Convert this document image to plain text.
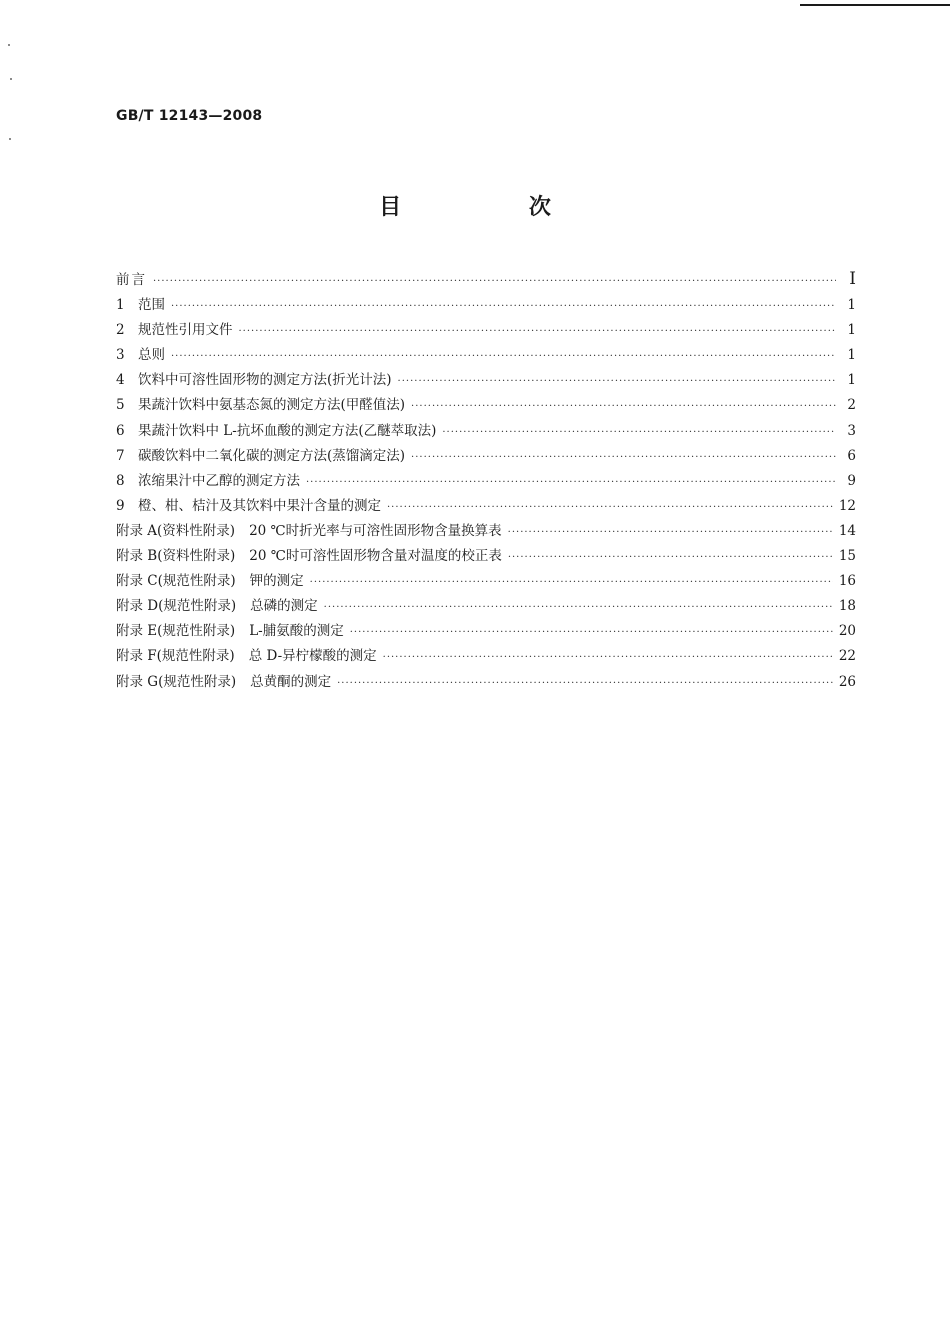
GB/T 12143—2008
目 次
前言 ·····	I
1 范围 ·····	1
2 规范性引用文件 ·····	1
3 总则 ·····	1
4 饮料中可溶性固形物的测定方法(折光计法) ·····	1
5 果蔬汁饮料中氨基态氮的测定方法(甲醛值法) ·····	2
6 果蔬汁饮料中 L-抗坏血酸的测定方法(乙醚萃取法) ·····	3
7 碳酸饮料中二氧化碳的测定方法(蒸馏滴定法) ·····	6
8 浓缩果汁中乙醇的测定方法 ·····	9
9 橙、柑、桔汁及其饮料中果汁含量的测定 ·····	12
附录 A(资料性附录) 20 ℃时折光率与可溶性固形物含量换算表 ·····	14
附录 B(资料性附录) 20 ℃时可溶性固形物含量对温度的校正表 ·····	15
附录 C(规范性附录) 钾的测定 ·····	16
附录 D(规范性附录) 总磷的测定 ·····	18
附录 E(规范性附录) L-脯氨酸的测定 ·····	20
附录 F(规范性附录) 总 D-异柠檬酸的测定 ·····	22
附录 G(规范性附录) 总黄酮的测定 ·····	26
